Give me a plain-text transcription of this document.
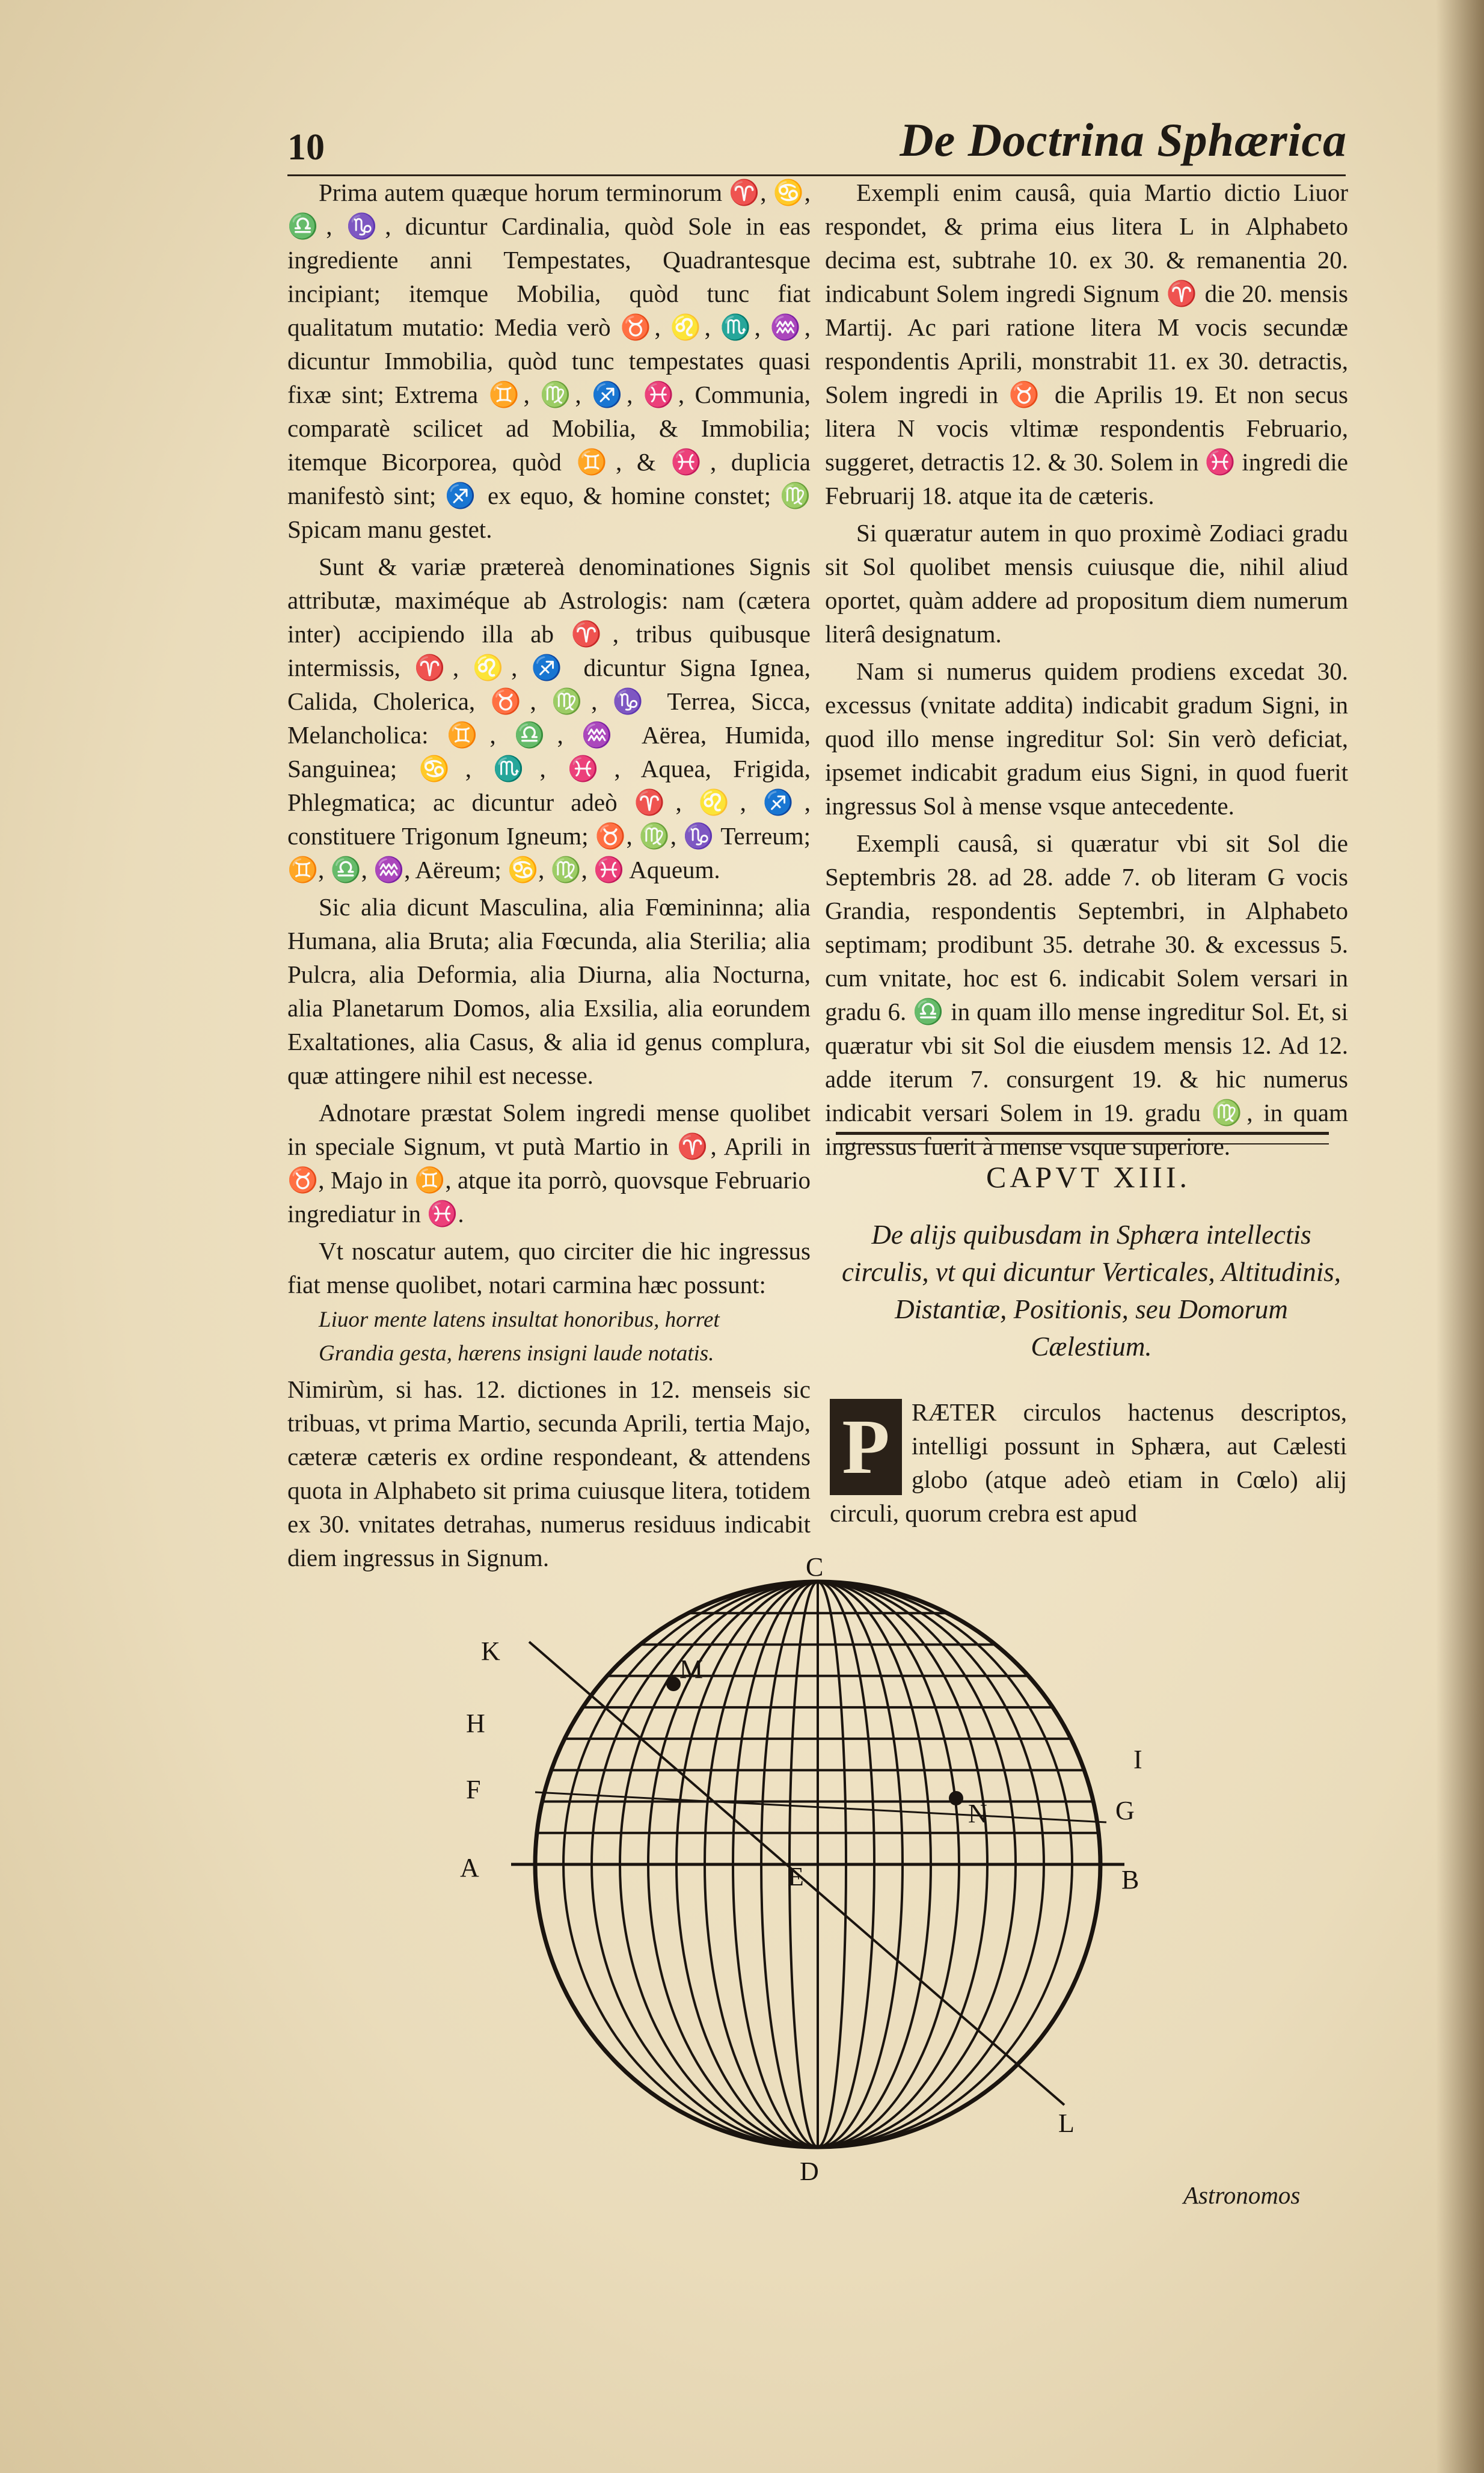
10	De Doctrina Sphærica

Prima autem quæque horum terminorum ♈, ♋, ♎, ♑, dicuntur Cardinalia, quòd Sole in eas ingrediente anni Tempestates, Quadrantesque incipiant; itemque Mobilia, quòd tunc fiat qualitatum mutatio: Media verò ♉, ♌, ♏, ♒, dicuntur Immobilia, quòd tunc tempestates quasi fixæ sint; Extrema ♊, ♍, ♐, ♓, Communia, comparatè scilicet ad Mobilia, & Immobilia; itemque Bicorporea, quòd ♊, & ♓, duplicia manifestò sint; ♐ ex equo, & homine constet; ♍ Spicam manu gestet.

Sunt & variæ prætereà denominationes Signis attributæ, maximéque ab Astrologis: nam (cætera inter) accipiendo illa ab ♈, tribus quibusque intermissis, ♈, ♌, ♐ dicuntur Signa Ignea, Calida, Cholerica, ♉, ♍, ♑ Terrea, Sicca, Melancholica: ♊, ♎, ♒ Aërea, Humida, Sanguinea; ♋, ♏, ♓, Aquea, Frigida, Phlegmatica; ac dicuntur adeò ♈, ♌, ♐, constituere Trigonum Igneum; ♉, ♍, ♑ Terreum; ♊, ♎, ♒, Aëreum; ♋, ♍, ♓ Aqueum.

Sic alia dicunt Masculina, alia Fœmininna; alia Humana, alia Bruta; alia Fœcunda, alia Sterilia; alia Pulcra, alia Deformia, alia Diurna, alia Nocturna, alia Planetarum Domos, alia Exsilia, alia eorundem Exaltationes, alia Casus, & alia id genus complura, quæ attingere nihil est necesse.

Adnotare præstat Solem ingredi mense quolibet in speciale Signum, vt putà Martio in ♈, Aprili in ♉, Majo in ♊, atque ita porrò, quovsque Februario ingrediatur in ♓.

Vt noscatur autem, quo circiter die hic ingressus fiat mense quolibet, notari carmina hæc possunt:

Liuor mente latens insultat honoribus, horret

Grandia gesta, hærens insigni laude notatis.

Nimirùm, si has. 12. dictiones in 12. menseis sic tribuas, vt prima Martio, secunda Aprili, tertia Majo, cæteræ cæteris ex ordine respondeant, & attendens quota in Alphabeto sit prima cuiusque litera, totidem ex 30. vnitates detrahas, numerus residuus indicabit diem ingressus in Signum.

Exempli enim causâ, quia Martio dictio Liuor respondet, & prima eius litera L in Alphabeto decima est, subtrahe 10. ex 30. & remanentia 20. indicabunt Solem ingredi Signum ♈ die 20. mensis Martij. Ac pari ratione litera M vocis secundæ respondentis Aprili, monstrabit 11. ex 30. detractis, Solem ingredi in ♉ die Aprilis 19. Et non secus litera N vocis vltimæ respondentis Februario, suggeret, detractis 12. & 30. Solem in ♓ ingredi die Februarij 18. atque ita de cæteris.

Si quæratur autem in quo proximè Zodiaci gradu sit Sol quolibet mensis cuiusque die, nihil aliud oportet, quàm addere ad propositum diem numerum literâ designatum.

Nam si numerus quidem prodiens excedat 30. excessus (vnitate addita) indicabit gradum Signi, in quod illo mense ingreditur Sol: Sin verò deficiat, ipsemet indicabit gradum eius Signi, in quod fuerit ingressus Sol à mense vsque antecedente.

Exempli causâ, si quæratur vbi sit Sol die Septembris 28. ad 28. adde 7. ob literam G vocis Grandia, respondentis Septembri, in Alphabeto septimam; prodibunt 35. detrahe 30. & excessus 5. cum vnitate, hoc est 6. indicabit Solem versari in gradu 6. ♎ in quam illo mense ingreditur Sol. Et, si quæratur vbi sit Sol die eiusdem mensis 12. Ad 12. adde iterum 7. consurgent 19. & hic numerus indicabit versari Solem in 19. gradu ♍, in quam ingressus fuerit à mense vsque superiore.

CAPVT XIII.
De alijs quibusdam in Sphæra intellectis circulis, vt qui dicuntur Verticales, Altitudinis, Distantiæ, Positionis, seu Domorum Cælestium.
P RÆTER circulos hactenus descriptos, intelligi possunt in Sphæra, aut Cælesti globo (atque adeò etiam in Cœlo) alij circuli, quorum crebra est apud
C
K
M
H
I
F
N	G
A	E	B
L
D
Astronomos
